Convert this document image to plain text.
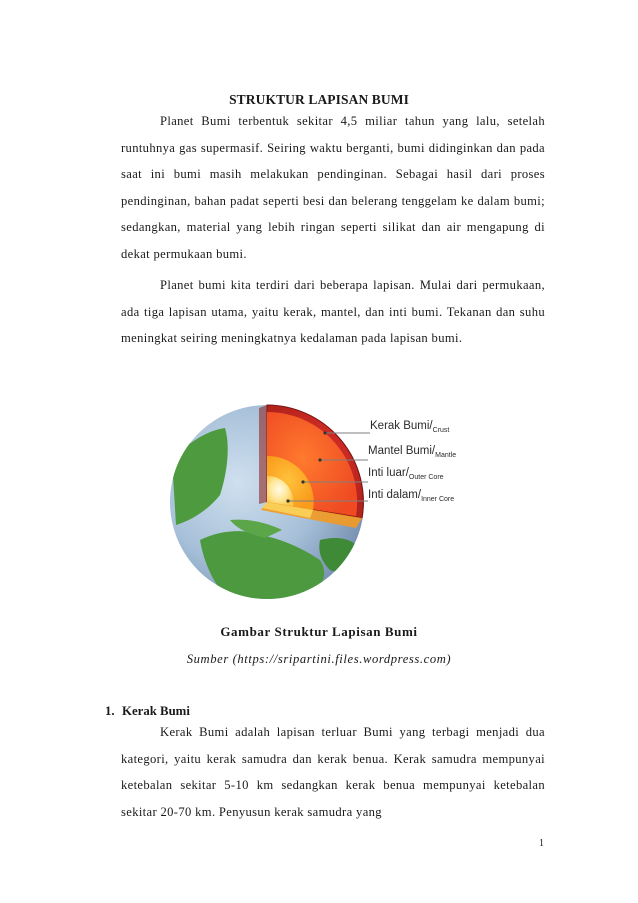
STRUKTUR LAPISAN BUMI

Planet Bumi terbentuk sekitar 4,5 miliar tahun yang lalu, setelah runtuhnya gas supermasif. Seiring waktu berganti, bumi didinginkan dan pada saat ini bumi masih melakukan pendinginan. Sebagai hasil dari proses pendinginan, bahan padat seperti besi dan belerang tenggelam ke dalam bumi; sedangkan, material yang lebih ringan seperti silikat dan air mengapung di dekat permukaan bumi.

Planet bumi kita terdiri dari beberapa lapisan. Mulai dari permukaan, ada tiga lapisan utama, yaitu kerak, mantel, dan inti bumi. Tekanan dan suhu meningkat seiring meningkatnya kedalaman pada lapisan bumi.

Kerak Bumi/$_{Crust}$
Mantel Bumi/$_{Mantle}$
Inti luar/$_{Outer Core}$
Inti dalam/$_{Inner Core}$
Gambar Struktur Lapisan Bumi
Sumber (https://sripartini.files.wordpress.com)
1. Kerak Bumi

Kerak Bumi adalah lapisan terluar Bumi yang terbagi menjadi dua kategori, yaitu kerak samudra dan kerak benua. Kerak samudra mempunyai ketebalan sekitar 5-10 km sedangkan kerak benua mempunyai ketebalan sekitar 20-70 km. Penyusun kerak samudra yang

1
